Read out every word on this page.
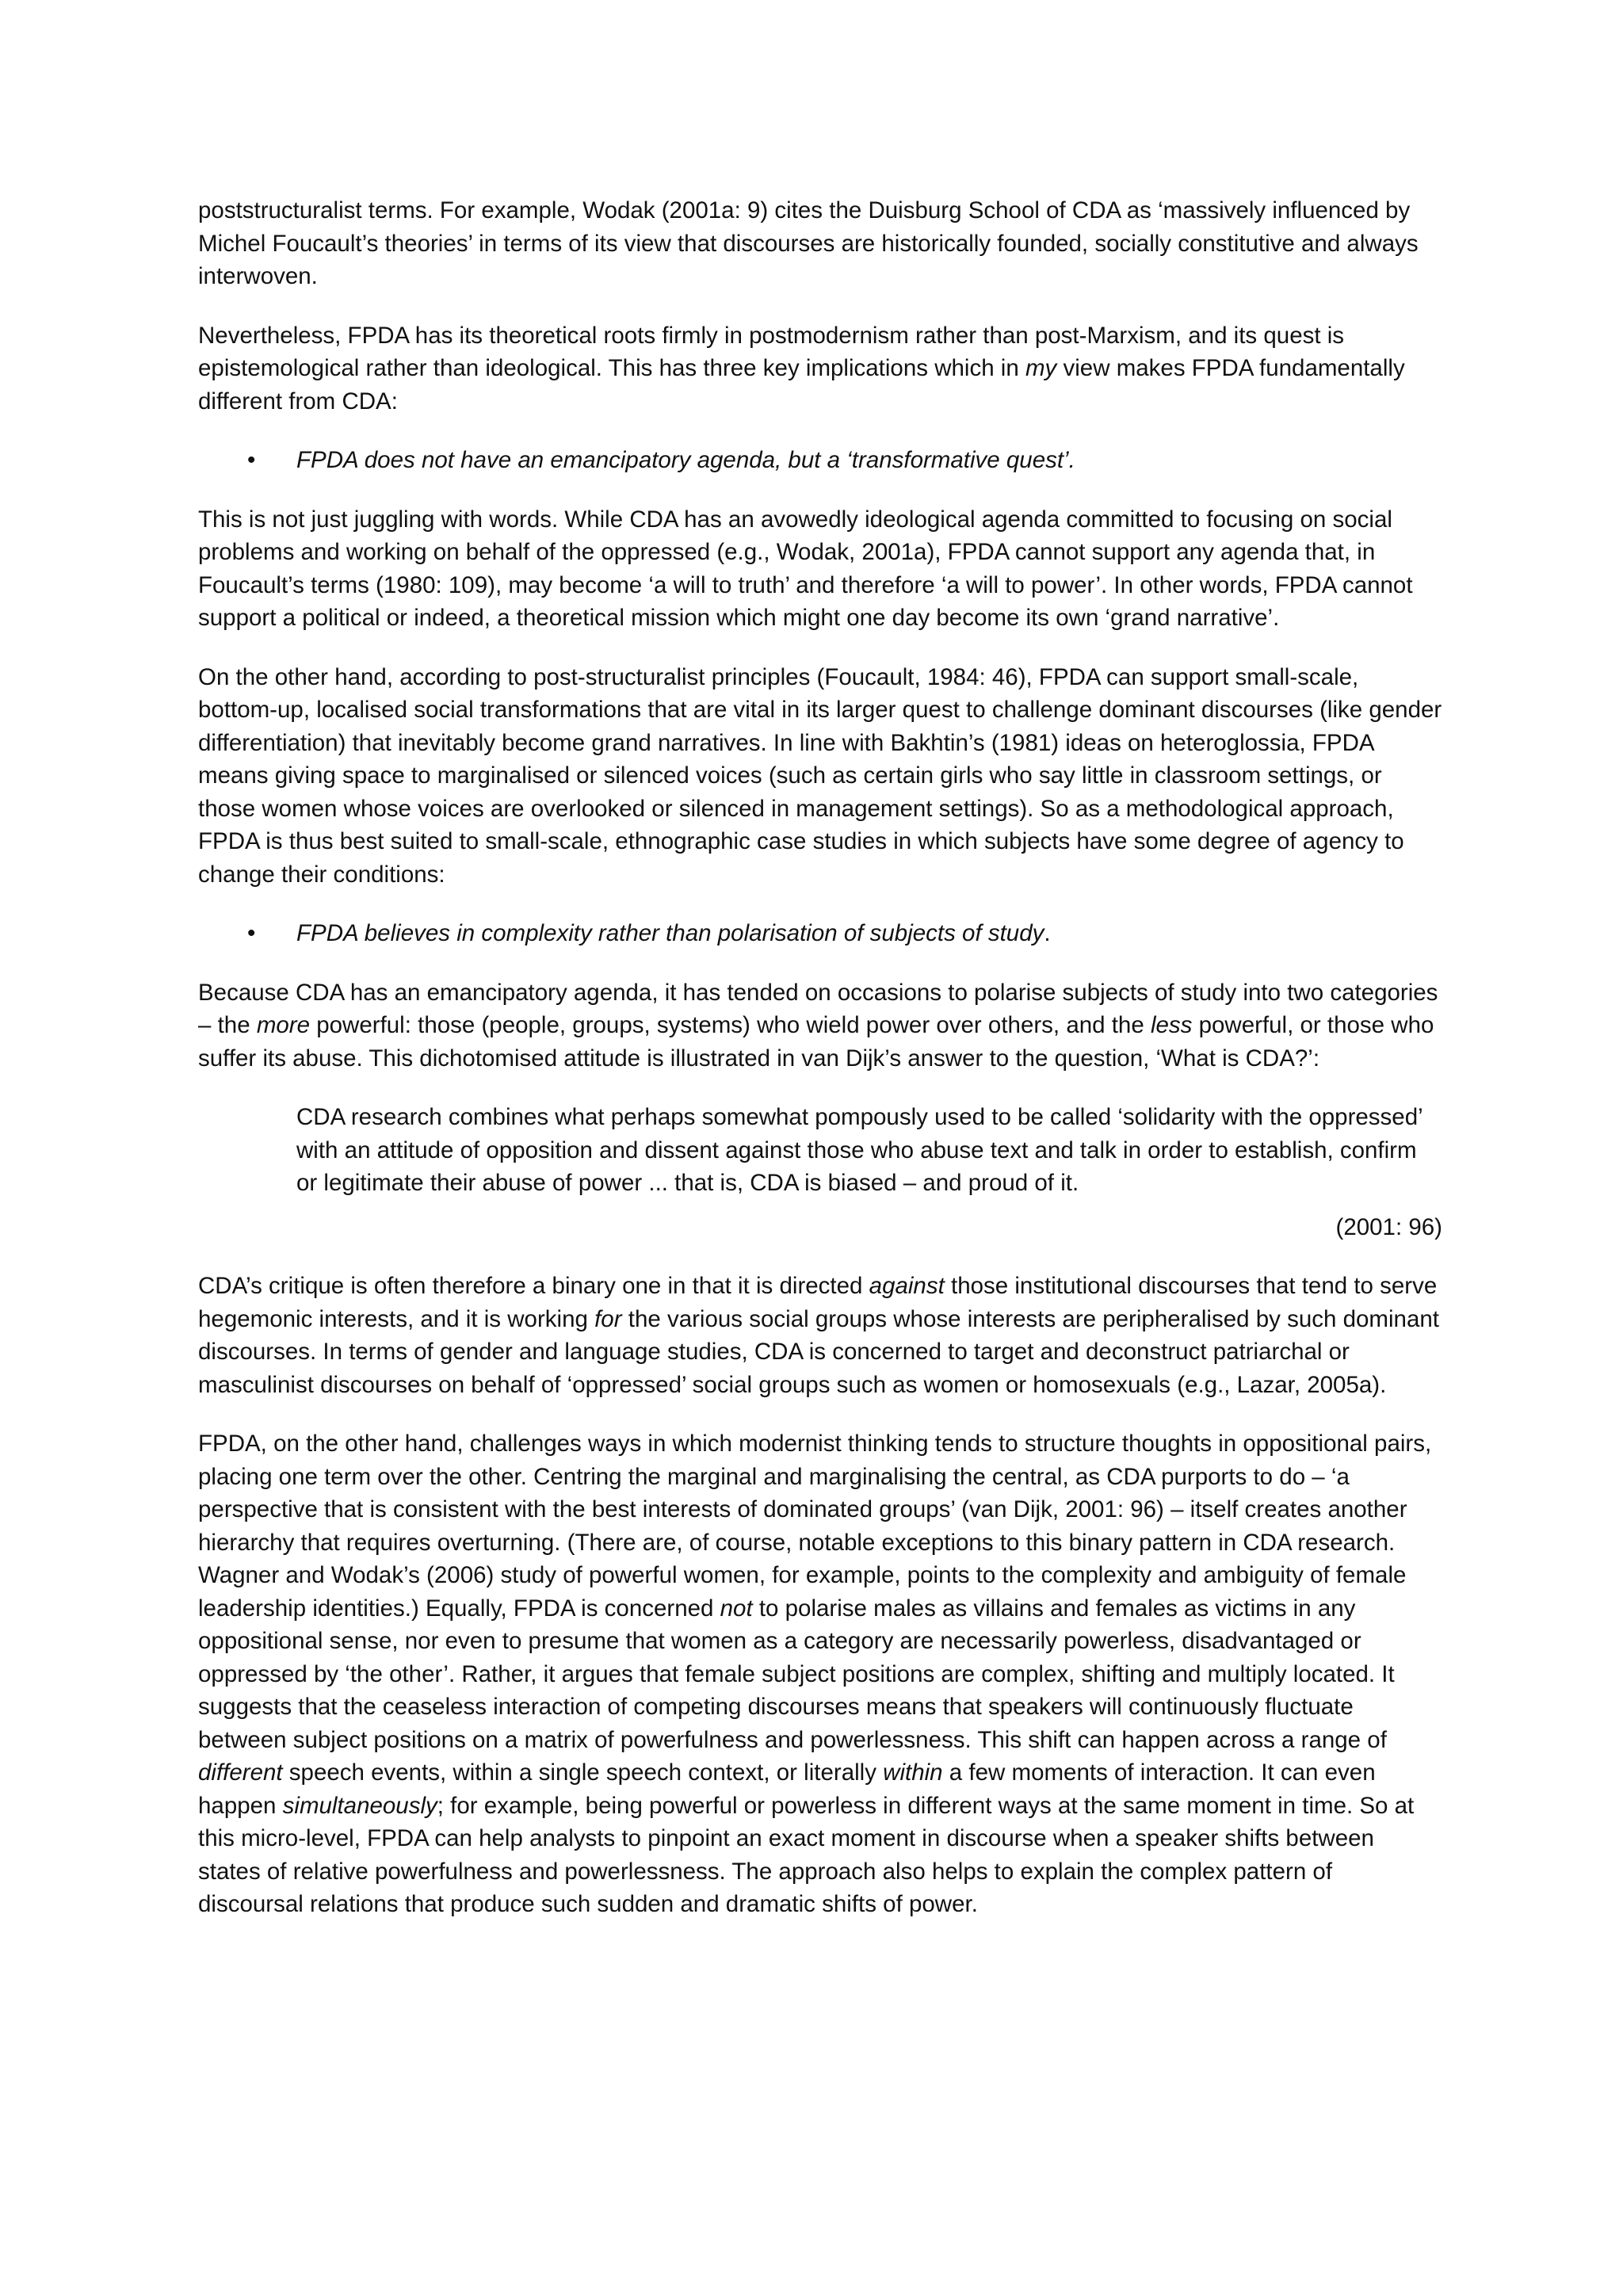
poststructuralist terms. For example, Wodak (2001a: 9) cites the Duisburg School of CDA as ‘massively influenced by Michel Foucault’s theories’ in terms of its view that discourses are historically founded, socially constitutive and always interwoven.

Nevertheless, FPDA has its theoretical roots firmly in postmodernism rather than post-Marxism, and its quest is epistemological rather than ideological. This has three key implications which in my view makes FPDA fundamentally different from CDA:

• FPDA does not have an emancipatory agenda, but a ‘transformative quest’.

This is not just juggling with words. While CDA has an avowedly ideological agenda committed to focusing on social problems and working on behalf of the oppressed (e.g., Wodak, 2001a), FPDA cannot support any agenda that, in Foucault’s terms (1980: 109), may become ‘a will to truth’ and therefore ‘a will to power’. In other words, FPDA cannot support a political or indeed, a theoretical mission which might one day become its own ‘grand narrative’.

On the other hand, according to post-structuralist principles (Foucault, 1984: 46), FPDA can support small-scale, bottom-up, localised social transformations that are vital in its larger quest to challenge dominant discourses (like gender differentiation) that inevitably become grand narratives. In line with Bakhtin’s (1981) ideas on heteroglossia, FPDA means giving space to marginalised or silenced voices (such as certain girls who say little in classroom settings, or those women whose voices are overlooked or silenced in management settings). So as a methodological approach, FPDA is thus best suited to small-scale, ethnographic case studies in which subjects have some degree of agency to change their conditions:

• FPDA believes in complexity rather than polarisation of subjects of study.

Because CDA has an emancipatory agenda, it has tended on occasions to polarise subjects of study into two categories – the more powerful: those (people, groups, systems) who wield power over others, and the less powerful, or those who suffer its abuse. This dichotomised attitude is illustrated in van Dijk’s answer to the question, ‘What is CDA?’:

CDA research combines what perhaps somewhat pompously used to be called ‘solidarity with the oppressed’ with an attitude of opposition and dissent against those who abuse text and talk in order to establish, confirm or legitimate their abuse of power ... that is, CDA is biased – and proud of it.

(2001: 96)

CDA’s critique is often therefore a binary one in that it is directed against those institutional discourses that tend to serve hegemonic interests, and it is working for the various social groups whose interests are peripheralised by such dominant discourses. In terms of gender and language studies, CDA is concerned to target and deconstruct patriarchal or masculinist discourses on behalf of ‘oppressed’ social groups such as women or homosexuals (e.g., Lazar, 2005a).

FPDA, on the other hand, challenges ways in which modernist thinking tends to structure thoughts in oppositional pairs, placing one term over the other. Centring the marginal and marginalising the central, as CDA purports to do – ‘a perspective that is consistent with the best interests of dominated groups’ (van Dijk, 2001: 96) – itself creates another hierarchy that requires overturning. (There are, of course, notable exceptions to this binary pattern in CDA research. Wagner and Wodak’s (2006) study of powerful women, for example, points to the complexity and ambiguity of female leadership identities.) Equally, FPDA is concerned not to polarise males as villains and females as victims in any oppositional sense, nor even to presume that women as a category are necessarily powerless, disadvantaged or oppressed by ‘the other’. Rather, it argues that female subject positions are complex, shifting and multiply located. It suggests that the ceaseless interaction of competing discourses means that speakers will continuously fluctuate between subject positions on a matrix of powerfulness and powerlessness. This shift can happen across a range of different speech events, within a single speech context, or literally within a few moments of interaction. It can even happen simultaneously; for example, being powerful or powerless in different ways at the same moment in time. So at this micro-level, FPDA can help analysts to pinpoint an exact moment in discourse when a speaker shifts between states of relative powerfulness and powerlessness. The approach also helps to explain the complex pattern of discoursal relations that produce such sudden and dramatic shifts of power.
